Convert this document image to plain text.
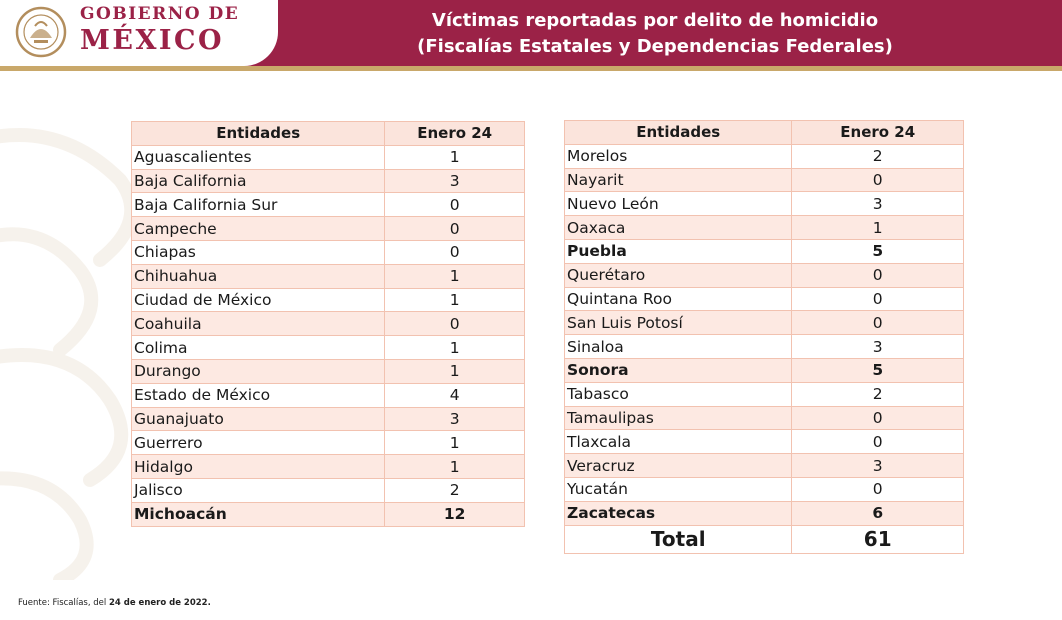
GOBIERNO DE
MÉXICO
Víctimas reportadas por delito de homicidio
(Fiscalías Estatales y Dependencias Federales)
Entidades	Enero 24
Aguascalientes	1
Baja California	3
Baja California Sur	0
Campeche	0
Chiapas	0
Chihuahua	1
Ciudad de México	1
Coahuila	0
Colima	1
Durango	1
Estado de México	4
Guanajuato	3
Guerrero	1
Hidalgo	1
Jalisco	2
Michoacán	12
Entidades	Enero 24
Morelos	2
Nayarit	0
Nuevo León	3
Oaxaca	1
Puebla	5
Querétaro	0
Quintana Roo	0
San Luis Potosí	0
Sinaloa	3
Sonora	5
Tabasco	2
Tamaulipas	0
Tlaxcala	0
Veracruz	3
Yucatán	0
Zacatecas	6
Total	61
Fuente: Fiscalías, del 24 de enero de 2022.
